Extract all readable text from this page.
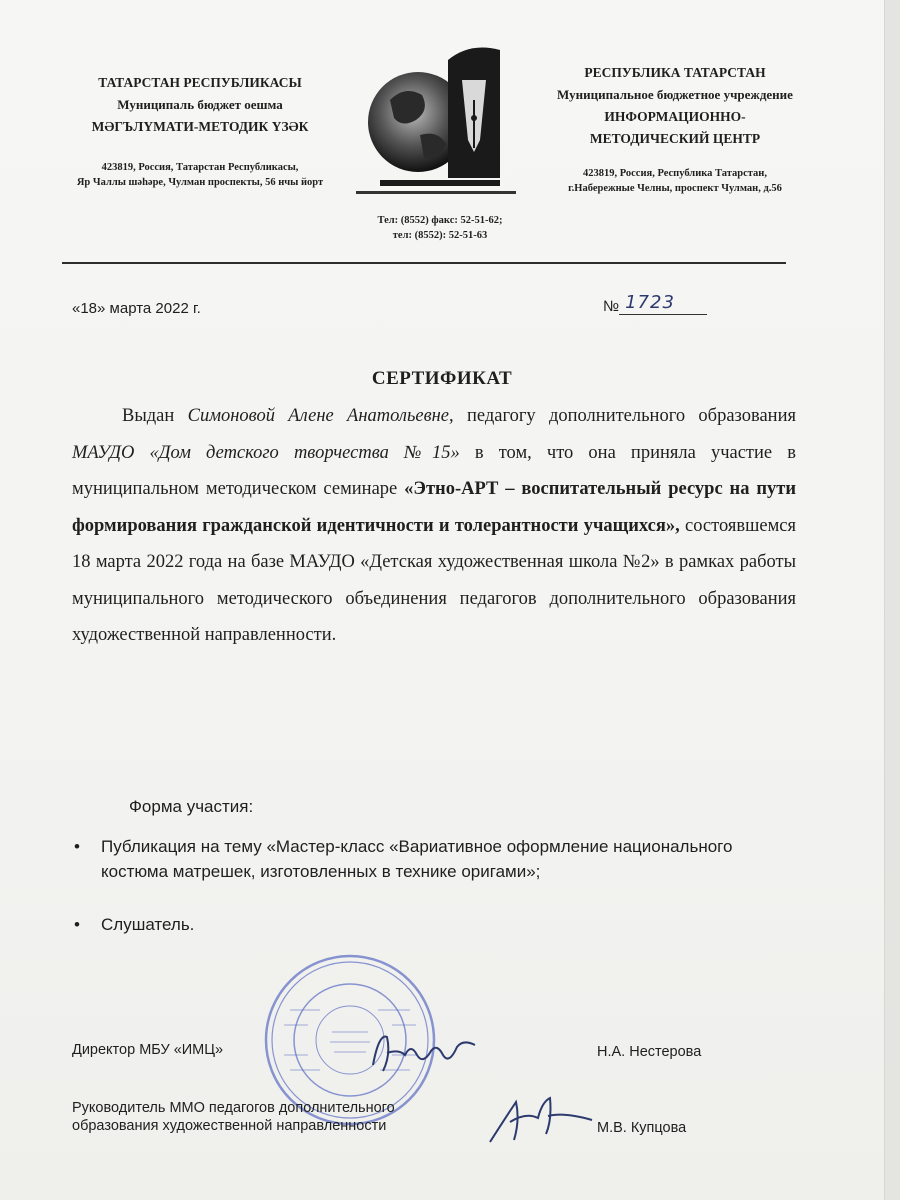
ТАТАРСТАН РЕСПУБЛИКАСЫ
Муниципаль бюджет оешма
МӘГЪЛҮМАТИ-МЕТОДИК ҮЗӘК
423819, Россия, Татарстан Республикасы,
Яр Чаллы шәһәре, Чулман проспекты, 56 нчы йорт
Тел: (8552) факс: 52-51-62;
тел: (8552): 52-51-63
РЕСПУБЛИКА ТАТАРСТАН
Муниципальное бюджетное учреждение
ИНФОРМАЦИОННО-
МЕТОДИЧЕСКИЙ ЦЕНТР
423819, Россия, Республика Татарстан,
г.Набережные Челны, проспект Чулман, д.56
«18» марта 2022 г.	№ 1723
СЕРТИФИКАТ
Выдан Симоновой Алене Анатольевне, педагогу дополнительного образования МАУДО «Дом детского творчества №15» в том, что она приняла участие в муниципальном методическом семинаре «Этно-АРТ – воспитательный ресурс на пути формирования гражданской идентичности и толерантности учащихся», состоявшемся 18 марта 2022 года на базе МАУДО «Детская художественная школа №2» в рамках работы муниципального методического объединения педагогов дополнительного образования художественной направленности.
Форма участия:
• Публикация на тему «Мастер-класс «Вариативное оформление национального костюма матрешек, изготовленных в технике оригами»;
• Слушатель.
Директор МБУ «ИМЦ»	Н.А. Нестерова
Руководитель ММО педагогов дополнительного
образования художественной направленности	М.В. Купцова
